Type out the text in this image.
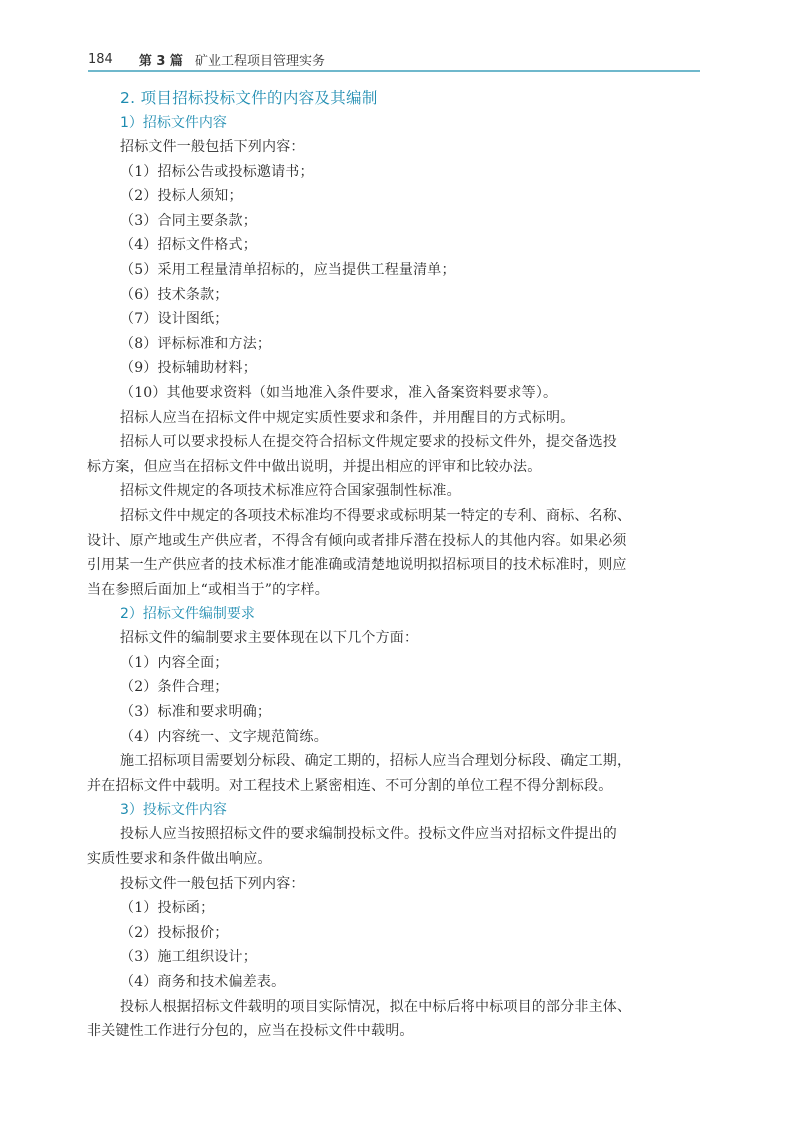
184 第 3 篇 矿业工程项目管理实务
2. 项目招标投标文件的内容及其编制
1）招标文件内容
招标文件一般包括下列内容：
（1）招标公告或投标邀请书；
（2）投标人须知；
（3）合同主要条款；
（4）招标文件格式；
（5）采用工程量清单招标的，应当提供工程量清单；
（6）技术条款；
（7）设计图纸；
（8）评标标准和方法；
（9）投标辅助材料；
（10）其他要求资料（如当地准入条件要求，准入备案资料要求等）。
招标人应当在招标文件中规定实质性要求和条件，并用醒目的方式标明。
招标人可以要求投标人在提交符合招标文件规定要求的投标文件外，提交备选投
标方案，但应当在招标文件中做出说明，并提出相应的评审和比较办法。
招标文件规定的各项技术标准应符合国家强制性标准。
招标文件中规定的各项技术标准均不得要求或标明某一特定的专利、商标、名称、
设计、原产地或生产供应者，不得含有倾向或者排斥潜在投标人的其他内容。如果必须
引用某一生产供应者的技术标准才能准确或清楚地说明拟招标项目的技术标准时，则应
当在参照后面加上“或相当于”的字样。
2）招标文件编制要求
招标文件的编制要求主要体现在以下几个方面：
（1）内容全面；
（2）条件合理；
（3）标准和要求明确；
（4）内容统一、文字规范简练。
施工招标项目需要划分标段、确定工期的，招标人应当合理划分标段、确定工期，
并在招标文件中载明。对工程技术上紧密相连、不可分割的单位工程不得分割标段。
3）投标文件内容
投标人应当按照招标文件的要求编制投标文件。投标文件应当对招标文件提出的
实质性要求和条件做出响应。
投标文件一般包括下列内容：
（1）投标函；
（2）投标报价；
（3）施工组织设计；
（4）商务和技术偏差表。
投标人根据招标文件载明的项目实际情况，拟在中标后将中标项目的部分非主体、
非关键性工作进行分包的，应当在投标文件中载明。
